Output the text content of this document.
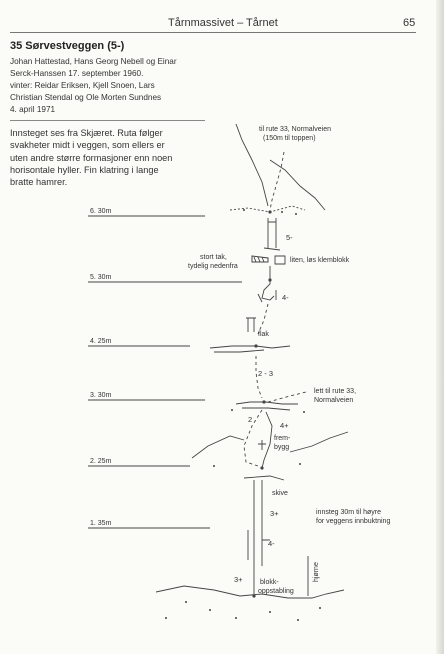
Tårnmassivet – Tårnet	65
35 Sørvestveggen (5-)
Johan Hattestad, Hans Georg Nebell og Einar
Serck-Hanssen 17. september 1960.
vinter: Reidar Eriksen, Kjell Snoen, Lars
Christian Stendal og Ole Morten Sundnes
4. april 1971
Innsteget ses fra Skjæret. Ruta følger
svakheter midt i veggen, som ellers er
uten andre større formasjoner enn noen
horisontale hyller. Fin klatring i lange
bratte hamrer.
6. 30m
5. 30m
4. 25m
3. 30m
2. 25m
1. 35m
til rute 33, Normalveien
(150m til toppen)
stort tak,
tydelig nedenfra
liten, løs klemblokk
flak
lett til rute 33,
Normalveien
frem-
bygg
skive
innsteg 30m til høyre
for veggens innbuktning
hjørne
blokk-
oppstabling
5-
4-
2 - 3
2
4+
3+
4-
3+
